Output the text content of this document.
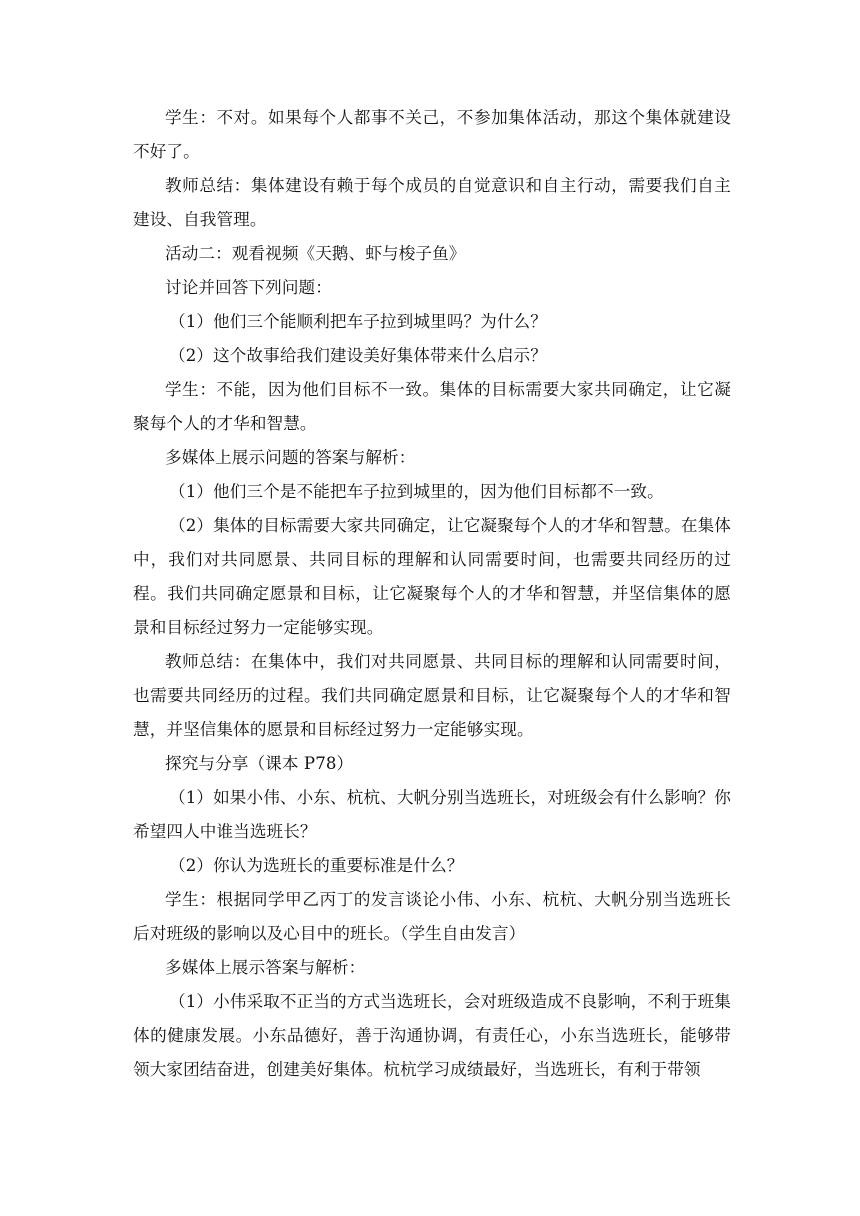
学生：不对。如果每个人都事不关己，不参加集体活动，那这个集体就建设不好了。

教师总结：集体建设有赖于每个成员的自觉意识和自主行动，需要我们自主建设、自我管理。

活动二：观看视频《天鹅、虾与梭子鱼》

讨论并回答下列问题：

（1）他们三个能顺利把车子拉到城里吗？为什么？

（2）这个故事给我们建设美好集体带来什么启示？

学生：不能，因为他们目标不一致。集体的目标需要大家共同确定，让它凝聚每个人的才华和智慧。

多媒体上展示问题的答案与解析：

（1）他们三个是不能把车子拉到城里的，因为他们目标都不一致。

（2）集体的目标需要大家共同确定，让它凝聚每个人的才华和智慧。在集体中，我们对共同愿景、共同目标的理解和认同需要时间，也需要共同经历的过程。我们共同确定愿景和目标，让它凝聚每个人的才华和智慧，并坚信集体的愿景和目标经过努力一定能够实现。

教师总结：在集体中，我们对共同愿景、共同目标的理解和认同需要时间，也需要共同经历的过程。我们共同确定愿景和目标，让它凝聚每个人的才华和智慧，并坚信集体的愿景和目标经过努力一定能够实现。

探究与分享（课本 P78）

（1）如果小伟、小东、杭杭、大帆分别当选班长，对班级会有什么影响？你希望四人中谁当选班长？

（2）你认为选班长的重要标准是什么？

学生：根据同学甲乙丙丁的发言谈论小伟、小东、杭杭、大帆分别当选班长后对班级的影响以及心目中的班长。（学生自由发言）

多媒体上展示答案与解析：

（1）小伟采取不正当的方式当选班长，会对班级造成不良影响，不利于班集体的健康发展。小东品德好，善于沟通协调，有责任心，小东当选班长，能够带领大家团结奋进，创建美好集体。杭杭学习成绩最好，当选班长，有利于带领
